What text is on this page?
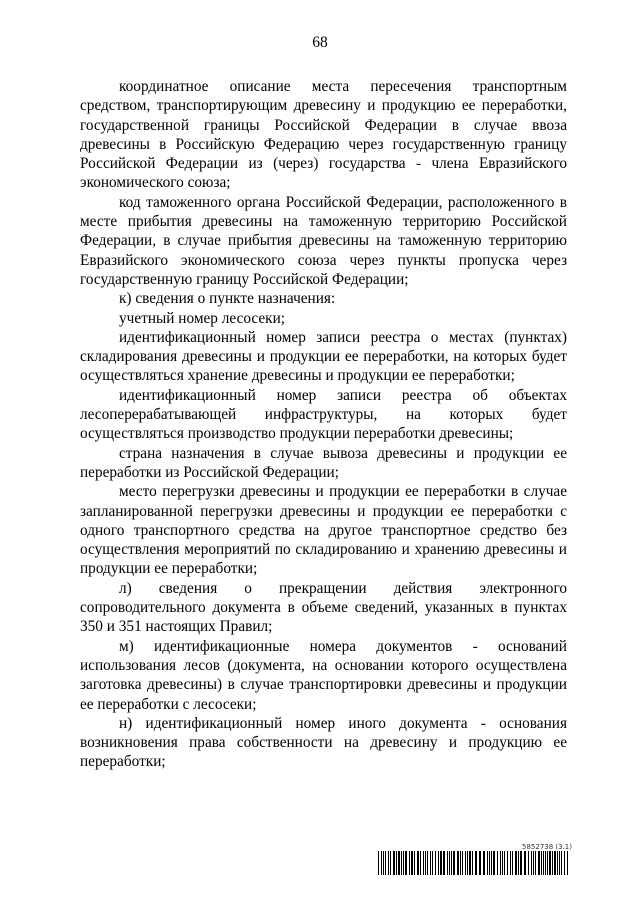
68

координатное описание места пересечения транспортным средством, транспортирующим древесину и продукцию ее переработки, государственной границы Российской Федерации в случае ввоза древесины в Российскую Федерацию через государственную границу Российской Федерации из (через) государства - члена Евразийского экономического союза;

код таможенного органа Российской Федерации, расположенного в месте прибытия древесины на таможенную территорию Российской Федерации, в случае прибытия древесины на таможенную территорию Евразийского экономического союза через пункты пропуска через государственную границу Российской Федерации;

к) сведения о пункте назначения:

учетный номер лесосеки;

идентификационный номер записи реестра о местах (пунктах) складирования древесины и продукции ее переработки, на которых будет осуществляться хранение древесины и продукции ее переработки;

идентификационный номер записи реестра об объектах лесоперерабатывающей инфраструктуры, на которых будет осуществляться производство продукции переработки древесины;

страна назначения в случае вывоза древесины и продукции ее переработки из Российской Федерации;

место перегрузки древесины и продукции ее переработки в случае запланированной перегрузки древесины и продукции ее переработки с одного транспортного средства на другое транспортное средство без осуществления мероприятий по складированию и хранению древесины и продукции ее переработки;

л) сведения о прекращении действия электронного сопроводительного документа в объеме сведений, указанных в пунктах 350 и 351 настоящих Правил;

м) идентификационные номера документов - оснований использования лесов (документа, на основании которого осуществлена заготовка древесины) в случае транспортировки древесины и продукции ее переработки с лесосеки;

н) идентификационный номер иного документа - основания возникновения права собственности на древесину и продукцию ее переработки;

5852738 (3.1)
